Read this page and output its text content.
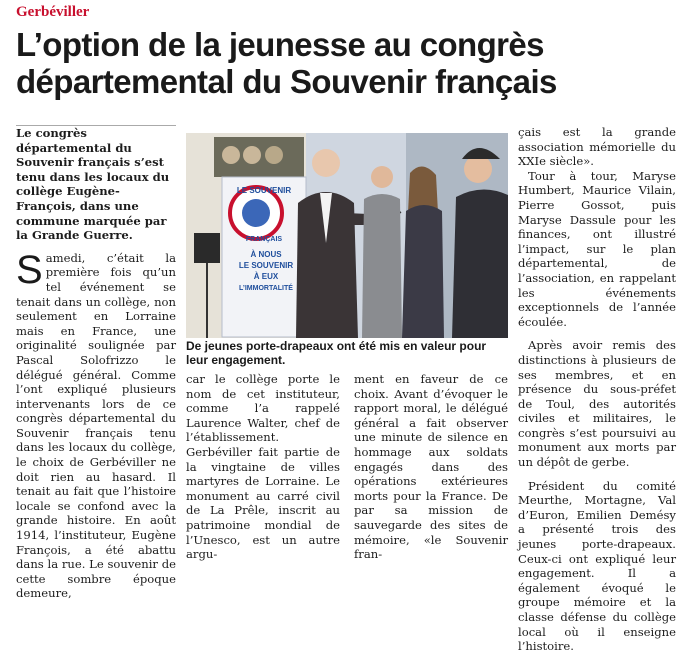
Gerbéviller
L’option de la jeunesse au congrès départemental du Souvenir français

Le congrès départemental du Souvenir français s’est tenu dans les locaux du collège Eugène-François, dans une commune marquée par la Grande Guerre.

Samedi, c’était la première fois qu’un tel événement se tenait dans un collège, non seulement en Lorraine mais en France, une originalité soulignée par Pascal Solofrizzo le délégué général. Comme l’ont expliqué plusieurs intervenants lors de ce congrès départemental du Souvenir français tenu dans les locaux du collège, le choix de Gerbéviller ne doit rien au hasard. Il tenait au fait que l’histoire locale se confond avec la grande histoire. En août 1914, l’instituteur, Eugène François, a été abattu dans la rue. Le souvenir de cette sombre époque demeure,

LE SOUVENIR
FRANÇAIS
À NOUS
LE SOUVENIR
À EUX
L’IMMORTALITÉ

De jeunes porte-drapeaux ont été mis en valeur pour leur engagement.

car le collège porte le nom de cet instituteur, comme l’a rappelé Laurence Walter, chef de l’établissement. Gerbéviller fait partie de la vingtaine de villes martyres de Lorraine. Le monument au carré civil de La Prêle, inscrit au patrimoine mondial de l’Unesco, est un autre argu-

ment en faveur de ce choix. Avant d’évoquer le rapport moral, le délégué général a fait observer une minute de silence en hommage aux soldats engagés dans des opérations extérieures morts pour la France. De par sa mission de sauvegarde des sites de mémoire, «le Souvenir fran-

çais est la grande association mémorielle du XXIe siècle».

Tour à tour, Maryse Humbert, Maurice Vilain, Pierre Gossot, puis Maryse Dassule pour les finances, ont illustré l’impact, sur le plan départemental, de l’association, en rappelant les événements exceptionnels de l’année écoulée.

Après avoir remis des distinctions à plusieurs de ses membres, et en présence du sous-préfet de Toul, des autorités civiles et militaires, le congrès s’est poursuivi au monument aux morts par un dépôt de gerbe.

Président du comité Meurthe, Mortagne, Val d’Euron, Emilien Demésy a présenté trois des jeunes porte-drapeaux. Ceux-ci ont expliqué leur engagement. Il a également évoqué le groupe mémoire et la classe défense du collège local où il enseigne l’histoire.
